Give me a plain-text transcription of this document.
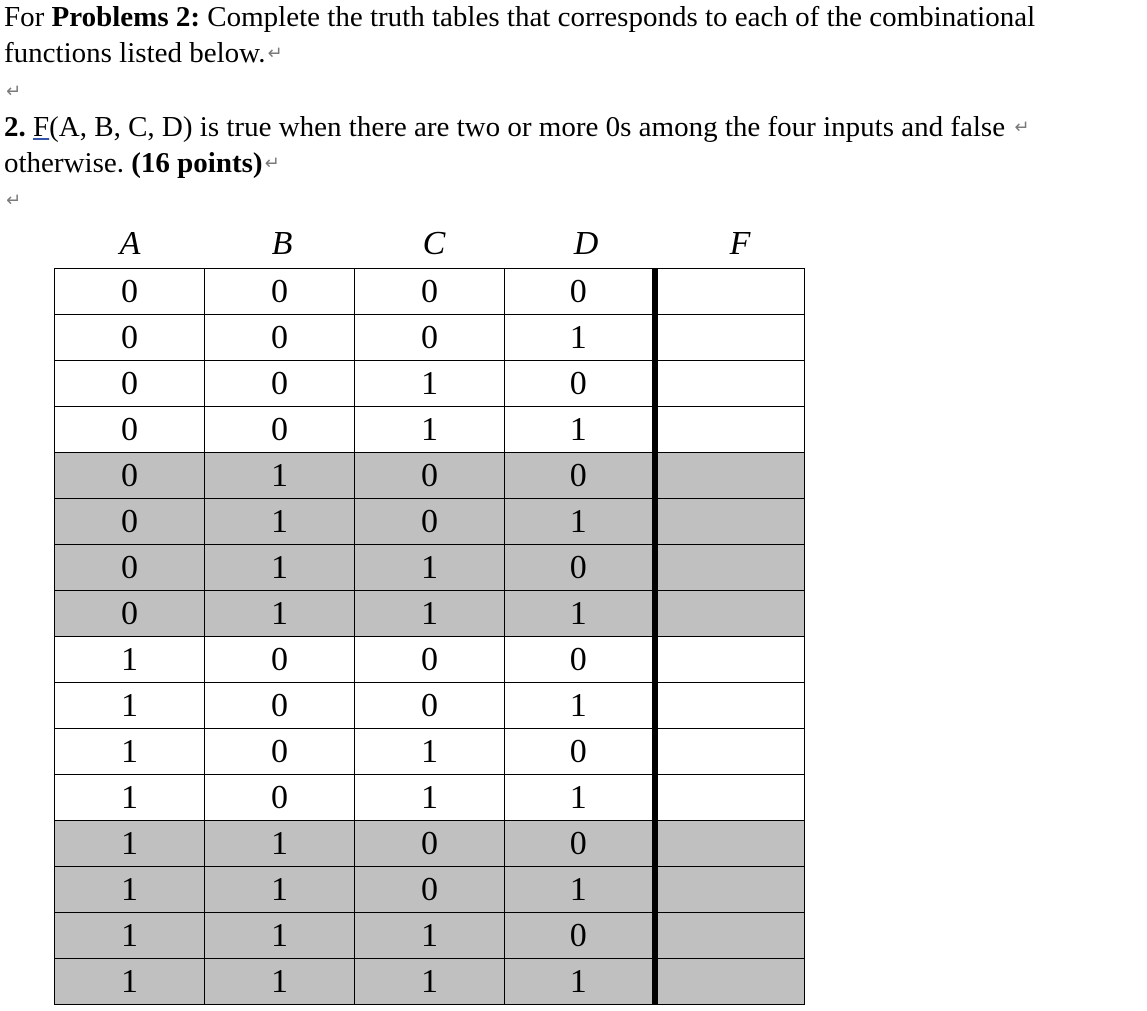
For Problems 2: Complete the truth tables that corresponds to each of the combinational
functions listed below. ↵
↵
2. F(A, B, C, D) is true when there are two or more 0s among the four inputs and false ↵
otherwise. (16 points) ↵
↵
A	B	C	D	F
0	0	0	0	
0	0	0	1	
0	0	1	0	
0	0	1	1	
0	1	0	0	
0	1	0	1	
0	1	1	0	
0	1	1	1	
1	0	0	0	
1	0	0	1	
1	0	1	0	
1	0	1	1	
1	1	0	0	
1	1	0	1	
1	1	1	0	
1	1	1	1	
